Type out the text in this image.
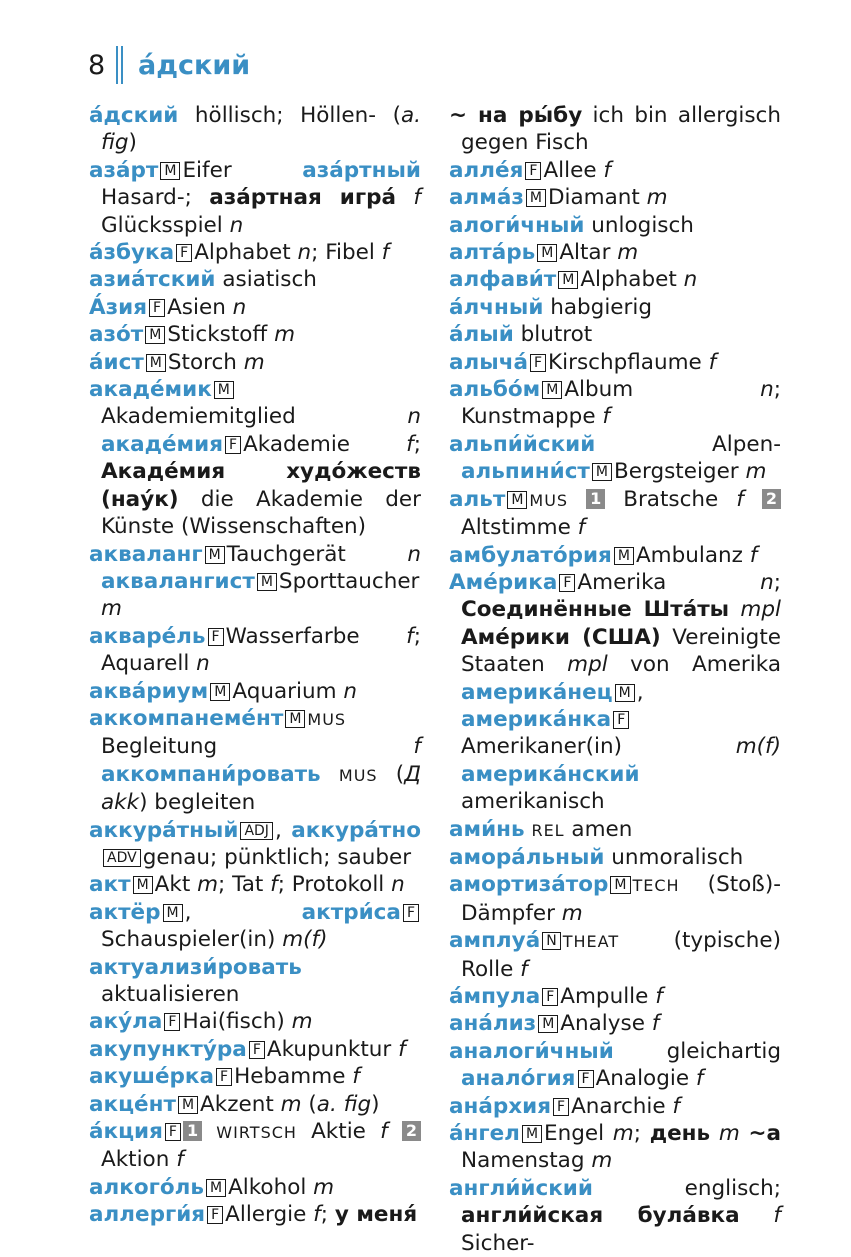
8	а́дский

а́дский höllisch; Höllen- (a. fig)

аза́рт M Eifer аза́ртный Hasard-; аза́ртная игра́ f Glücksspiel n

а́збука F Alphabet n; Fibel f

азиа́тский asiatisch

А́зия F Asien n

азо́т M Stickstoff m

а́ист M Storch m

акаде́мик MAkademiemitglied n акаде́мия F Akademie f; Акаде́мия худо́жеств (нау́к) die Akademie der Künste (Wissenschaften)

акваланг M Tauchgerät n аквалангист M Sporttaucher m

акваре́ль F Wasserfarbe f; Aquarell n

аква́риум M Aquarium n

аккомпанеме́нт M MUS Begleitung f аккомпани́ровать MUS (Д akk) begleiten

аккура́тный ADJ , аккура́тноADV genau; pünktlich; sauber

акт M Akt m; Tat f; Protokoll n

актёр M , актри́са FSchauspieler(in) m(f)

актуализи́ровать aktualisieren

аку́ла F Hai(fisch) m

акупункту́ра F Akupunktur f

акуше́рка F Hebamme f

акце́нт M Akzent m (a. fig)

а́кция F 1 WIRTSCH Aktie f 2 Aktion f

алкого́ль M Alkohol m

аллерги́я F Allergie f; у меня́

~ на ры́бу ich bin allergisch gegen Fisch

алле́я F Allee f

алма́з M Diamant m

алоги́чный unlogisch

алта́рь M Altar m

алфави́т M Alphabet n

а́лчный habgierig

а́лый blutrot

алыча́ F Kirschpflaume f

альбо́м M Album n; Kunstmappe f

альпи́йский Alpen- альпини́ст M Bergsteiger m

альт M MUS 1 Bratsche f 2 Altstimme f

амбулато́рия M Ambulanz f

Аме́рика F Amerika n; Соединённые Шта́ты mpl Аме́рики (США) Vereinigte Staaten mpl von Amerika америка́нец M , америка́нка FAmerikaner(in) m(f) америка́нский amerikanisch

ами́нь REL amen

амора́льный unmoralisch

амортиза́тор M TECH (Stoß)-Dämpfer m

амплуа́ N THEAT (typische) Rolle f

а́мпула F Ampulle f

ана́лиз M Analyse f

аналоги́чный gleichartig анало́гия F Analogie f

ана́рхия F Anarchie f

а́нгел M Engel m; день m ~а Namenstag m

англи́йский englisch; англи́йская була́вка f Sicher-
